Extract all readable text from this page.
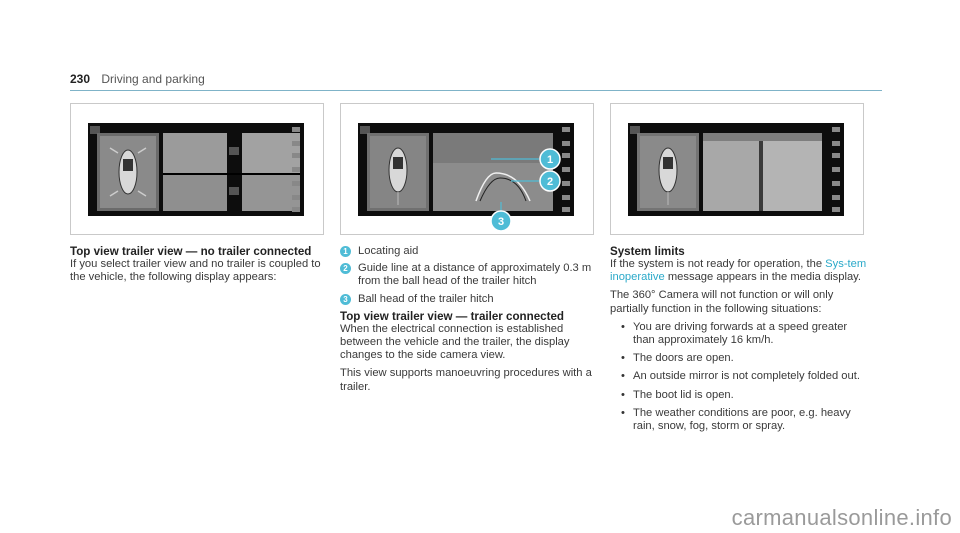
230 Driving and parking
1
2
3
Top view trailer view — no trailer connected

If you select trailer view and no trailer is coupled to the vehicle, the following display appears:

1 Locating aid
2 Guide line at a distance of approximately 0.3 m from the ball head of the trailer hitch
3 Ball head of the trailer hitch
Top view trailer view — trailer connected

When the electrical connection is established between the vehicle and the trailer, the display changes to the side camera view.

This view supports manoeuvring procedures with a trailer.

System limits

If the system is not ready for operation, the Sys-tem inoperative message appears in the media display.

The 360° Camera will not function or will only partially function in the following situations:

• You are driving forwards at a speed greater than approximately 16 km/h.
• The doors are open.
• An outside mirror is not completely folded out.
• The boot lid is open.
• The weather conditions are poor, e.g. heavy rain, snow, fog, storm or spray.
carmanualsonline.info
